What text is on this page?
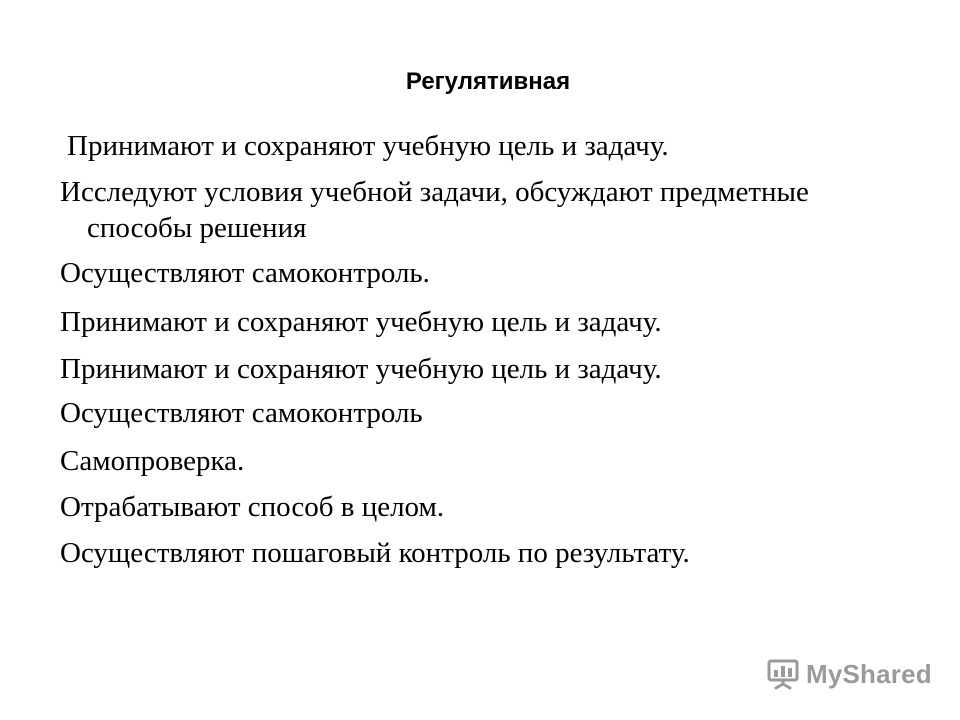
Регулятивная

Принимают и сохраняют учебную цель и задачу.

Исследуют условия учебной задачи, обсуждают предметные

способы решения

Осуществляют самоконтроль.

Принимают и сохраняют учебную цель и задачу.

Принимают и сохраняют учебную цель и задачу.

Осуществляют самоконтроль

Самопроверка.

Отрабатывают способ в целом.

Осуществляют пошаговый контроль по результату.

MyShared
